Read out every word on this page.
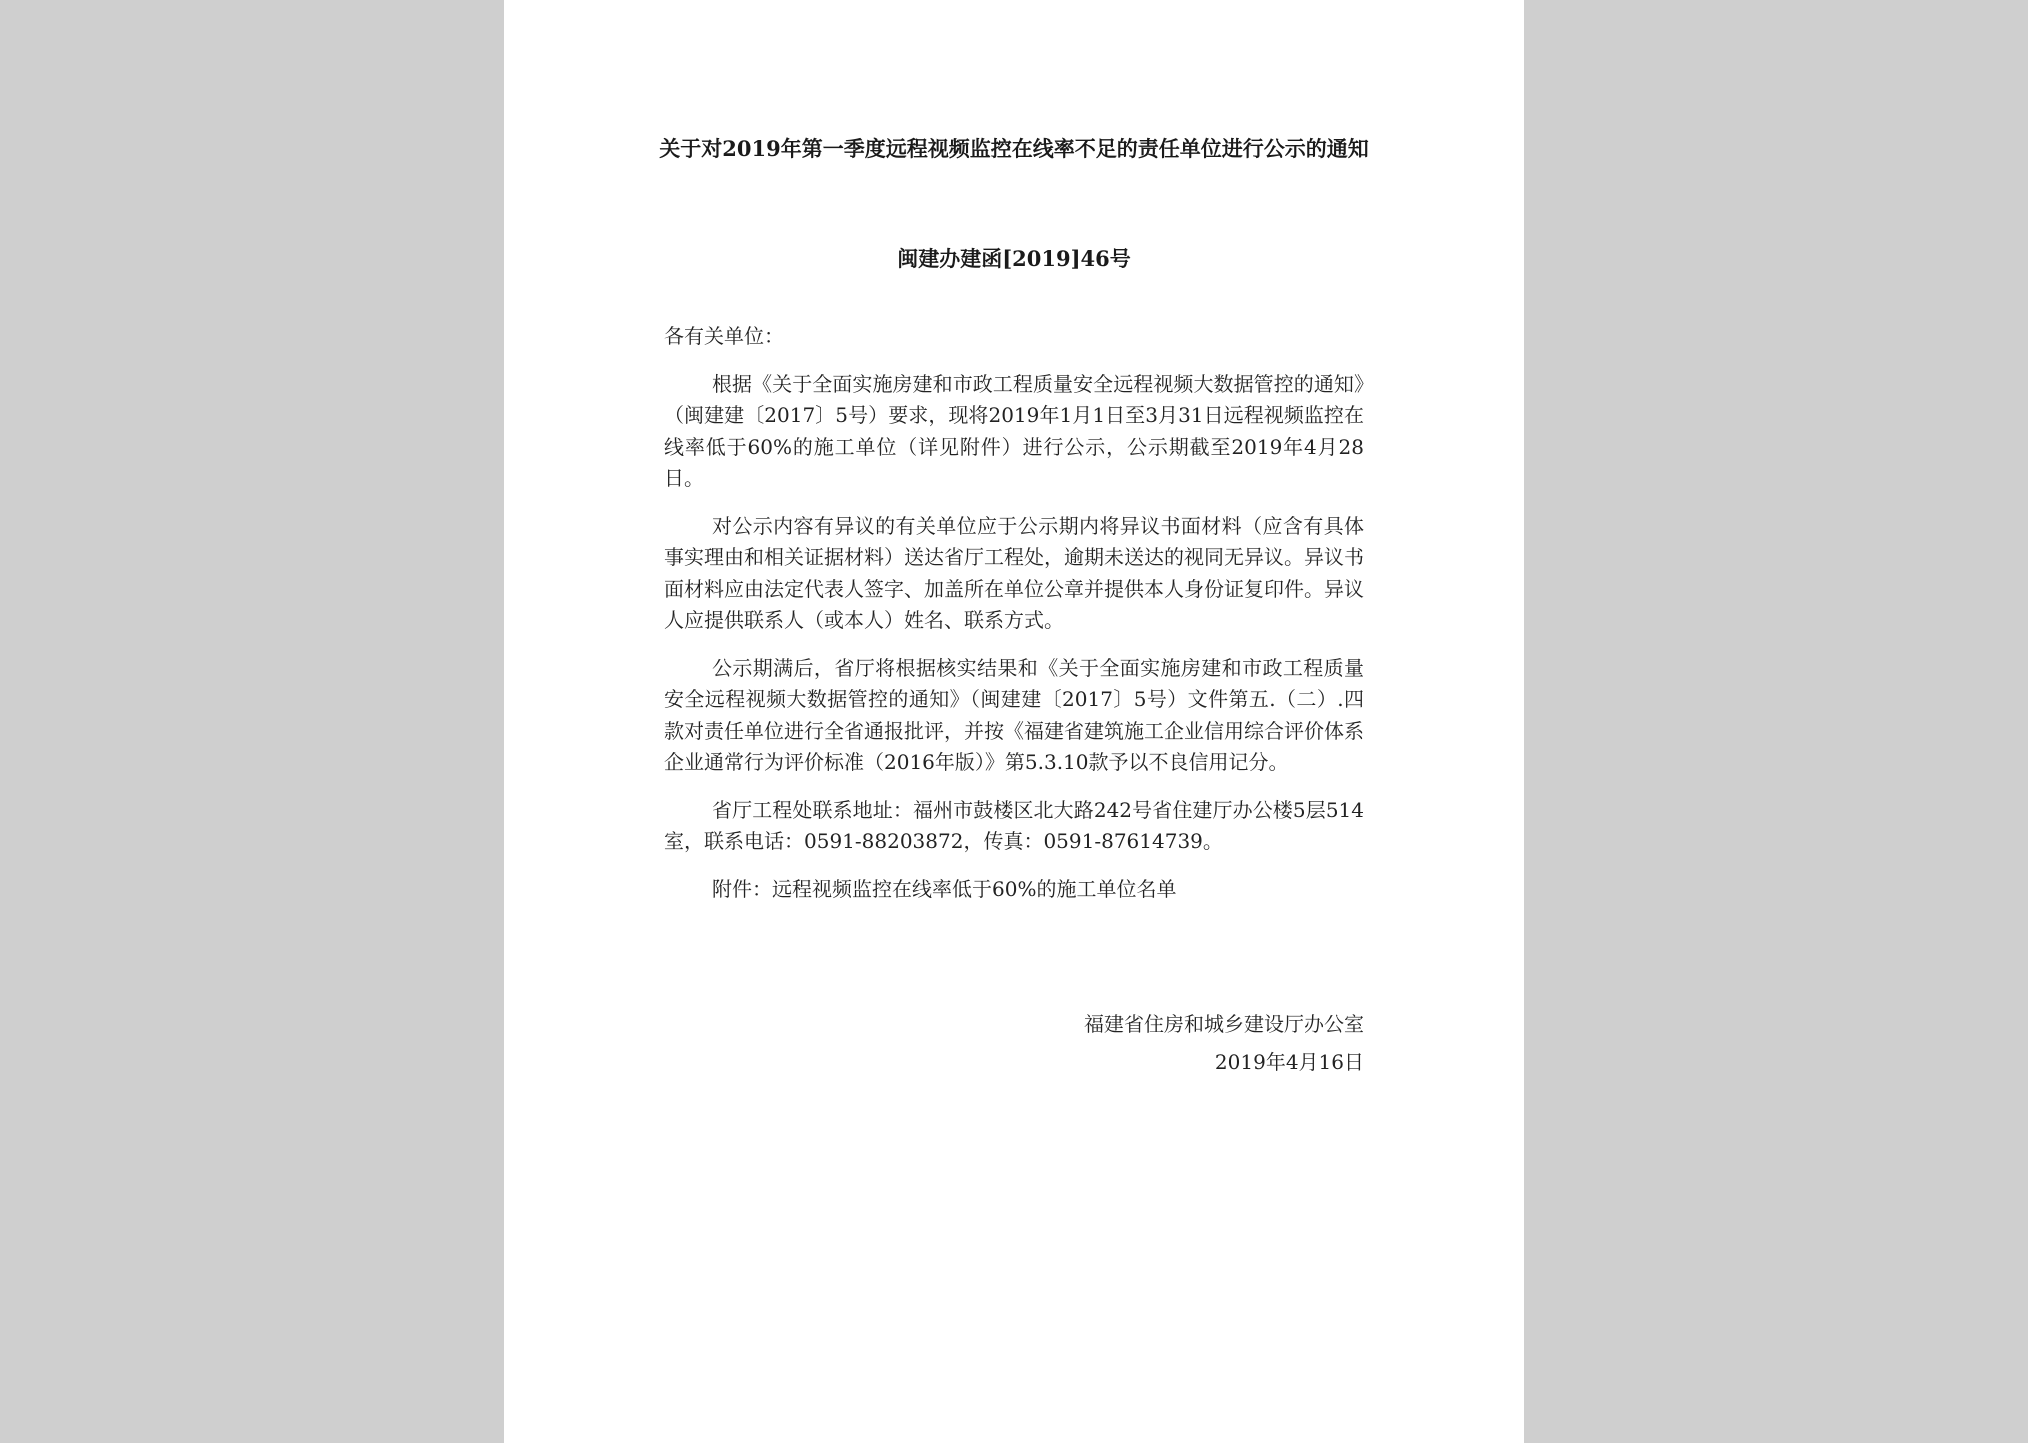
关于对2019年第一季度远程视频监控在线率不足的责任单位进行公示的通知
闽建办建函[2019]46号

各有关单位：

根据《关于全面实施房建和市政工程质量安全远程视频大数据管控的通知》（闽建建〔2017〕5号）要求，现将2019年1月1日至3月31日远程视频监控在线率低于60%的施工单位（详见附件）进行公示，公示期截至2019年4月28日。

对公示内容有异议的有关单位应于公示期内将异议书面材料（应含有具体事实理由和相关证据材料）送达省厅工程处，逾期未送达的视同无异议。异议书面材料应由法定代表人签字、加盖所在单位公章并提供本人身份证复印件。异议人应提供联系人（或本人）姓名、联系方式。

公示期满后，省厅将根据核实结果和《关于全面实施房建和市政工程质量安全远程视频大数据管控的通知》（闽建建〔2017〕5号）文件第五.（二）.四款对责任单位进行全省通报批评，并按《福建省建筑施工企业信用综合评价体系企业通常行为评价标准（2016年版）》第5.3.10款予以不良信用记分。

省厅工程处联系地址：福州市鼓楼区北大路242号省住建厅办公楼5层514室，联系电话：0591-88203872，传真：0591-87614739。

附件：远程视频监控在线率低于60%的施工单位名单

福建省住房和城乡建设厅办公室
2019年4月16日
